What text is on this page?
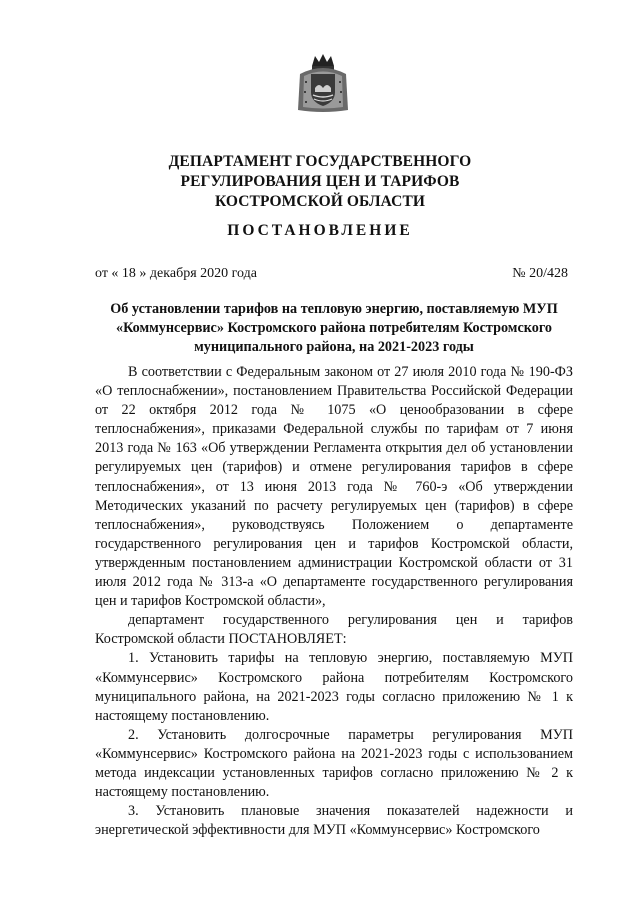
ДЕПАРТАМЕНТ ГОСУДАРСТВЕННОГО
РЕГУЛИРОВАНИЯ ЦЕН И ТАРИФОВ
КОСТРОМСКОЙ ОБЛАСТИ
ПОСТАНОВЛЕНИЕ
от « 18 » декабря 2020 года	№ 20/428
Об установлении тарифов на тепловую энергию, поставляемую МУП «Коммунсервис» Костромского района потребителям Костромского муниципального района, на 2021-2023 годы

В соответствии с Федеральным законом от 27 июля 2010 года № 190-ФЗ «О теплоснабжении», постановлением Правительства Российской Федерации от 22 октября 2012 года № 1075 «О ценообразовании в сфере теплоснабжения», приказами Федеральной службы по тарифам от 7 июня 2013 года № 163 «Об утверждении Регламента открытия дел об установлении регулируемых цен (тарифов) и отмене регулирования тарифов в сфере теплоснабжения», от 13 июня 2013 года № 760-э «Об утверждении Методических указаний по расчету регулируемых цен (тарифов) в сфере теплоснабжения», руководствуясь Положением о департаменте государственного регулирования цен и тарифов Костромской области, утвержденным постановлением администрации Костромской области от 31 июля 2012 года № 313-а «О департаменте государственного регулирования цен и тарифов Костромской области»,

департамент государственного регулирования цен и тарифов Костромской области ПОСТАНОВЛЯЕТ:

1. Установить тарифы на тепловую энергию, поставляемую МУП «Коммунсервис» Костромского района потребителям Костромского муниципального района, на 2021-2023 годы согласно приложению № 1 к настоящему постановлению.

2. Установить долгосрочные параметры регулирования МУП «Коммунсервис» Костромского района на 2021-2023 годы с использованием метода индексации установленных тарифов согласно приложению № 2 к настоящему постановлению.

3. Установить плановые значения показателей надежности и энергетической эффективности для МУП «Коммунсервис» Костромского
